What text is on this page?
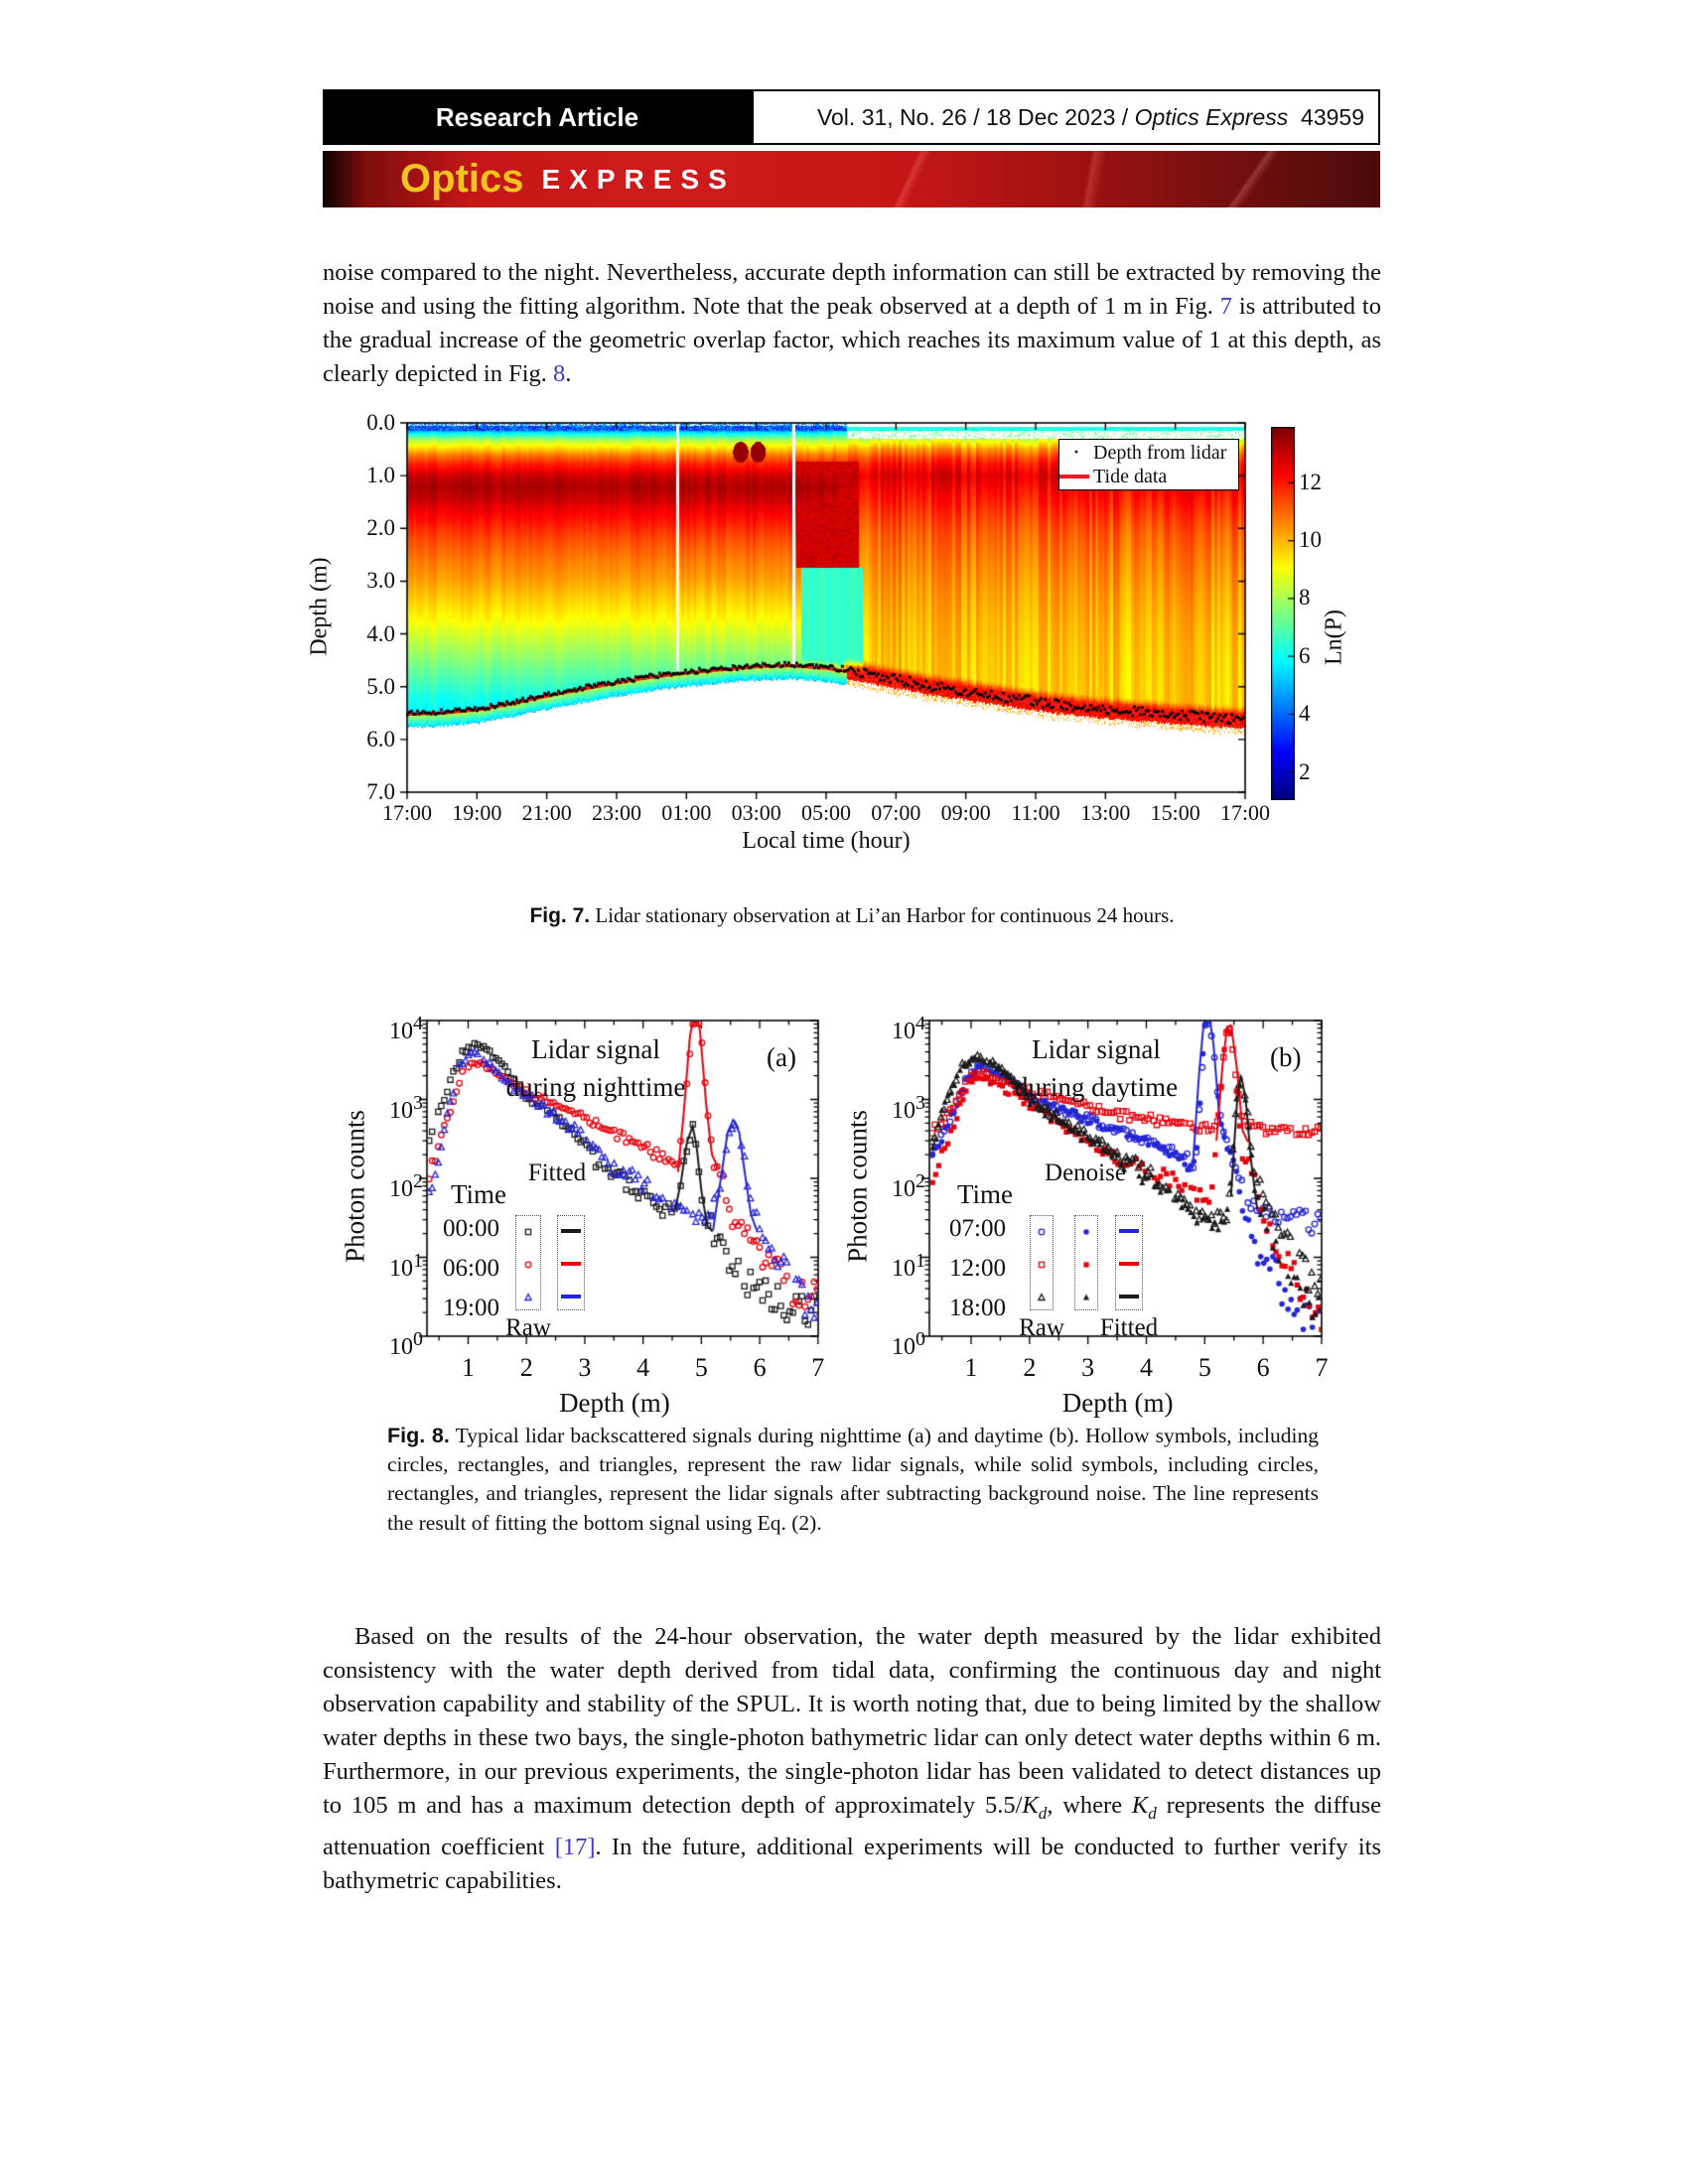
Research Article	Vol. 31, No. 26 / 18 Dec 2023 / Optics Express
43959
Optics EXPRESS
noise compared to the night. Nevertheless, accurate depth information can still be extracted by removing the noise and using the fitting algorithm. Note that the peak observed at a depth of 1 m in Fig. 7 is attributed to the gradual increase of the geometric overlap factor, which reaches its maximum value of 1 at this depth, as clearly depicted in Fig. 8.
Depth (m)
Local time (hour)
Ln(P)
· Depth from lidar
Tide data
0.0
1.0
2.0
3.0
4.0
5.0
6.0
7.0
17:00 19:00 21:00 23:00 01:00 03:00 05:00 07:00 09:00 11:00 13:00 15:00 17:00
12
10
8
6
4
2
Fig. 7. Lidar stationary observation at Li’an Harbor for continuous 24 hours.
$10^4$
$10^3$
$10^2$
$10^1$
$10^0$
1	2	3	4	5	6	7
Photon counts
Depth (m)
Lidar signal
during nighttime
(a)
Time
00:00
06:00
19:00
Fitted
Raw
$10^4$
$10^3$
$10^2$
$10^1$
$10^0$
1	2	3	4	5	6	7
Photon counts
Depth (m)
Lidar signal
during daytime
(b)
Time
07:00
12:00
18:00
Denoise
Raw	Fitted
Fig. 8. Typical lidar backscattered signals during nighttime (a) and daytime (b). Hollow symbols, including circles, rectangles, and triangles, represent the raw lidar signals, while solid symbols, including circles, rectangles, and triangles, represent the lidar signals after subtracting background noise. The line represents the result of fitting the bottom signal using Eq. (2).
Based on the results of the 24-hour observation, the water depth measured by the lidar exhibited consistency with the water depth derived from tidal data, confirming the continuous day and night observation capability and stability of the SPUL. It is worth noting that, due to being limited by the shallow water depths in these two bays, the single-photon bathymetric lidar can only detect water depths within 6 m. Furthermore, in our previous experiments, the single-photon lidar has been validated to detect distances up to 105 m and has a maximum detection depth of approximately $5.5/K_d$, where $K_d$ represents the diffuse attenuation coefficient [17]. In the future, additional experiments will be conducted to further verify its bathymetric capabilities.
